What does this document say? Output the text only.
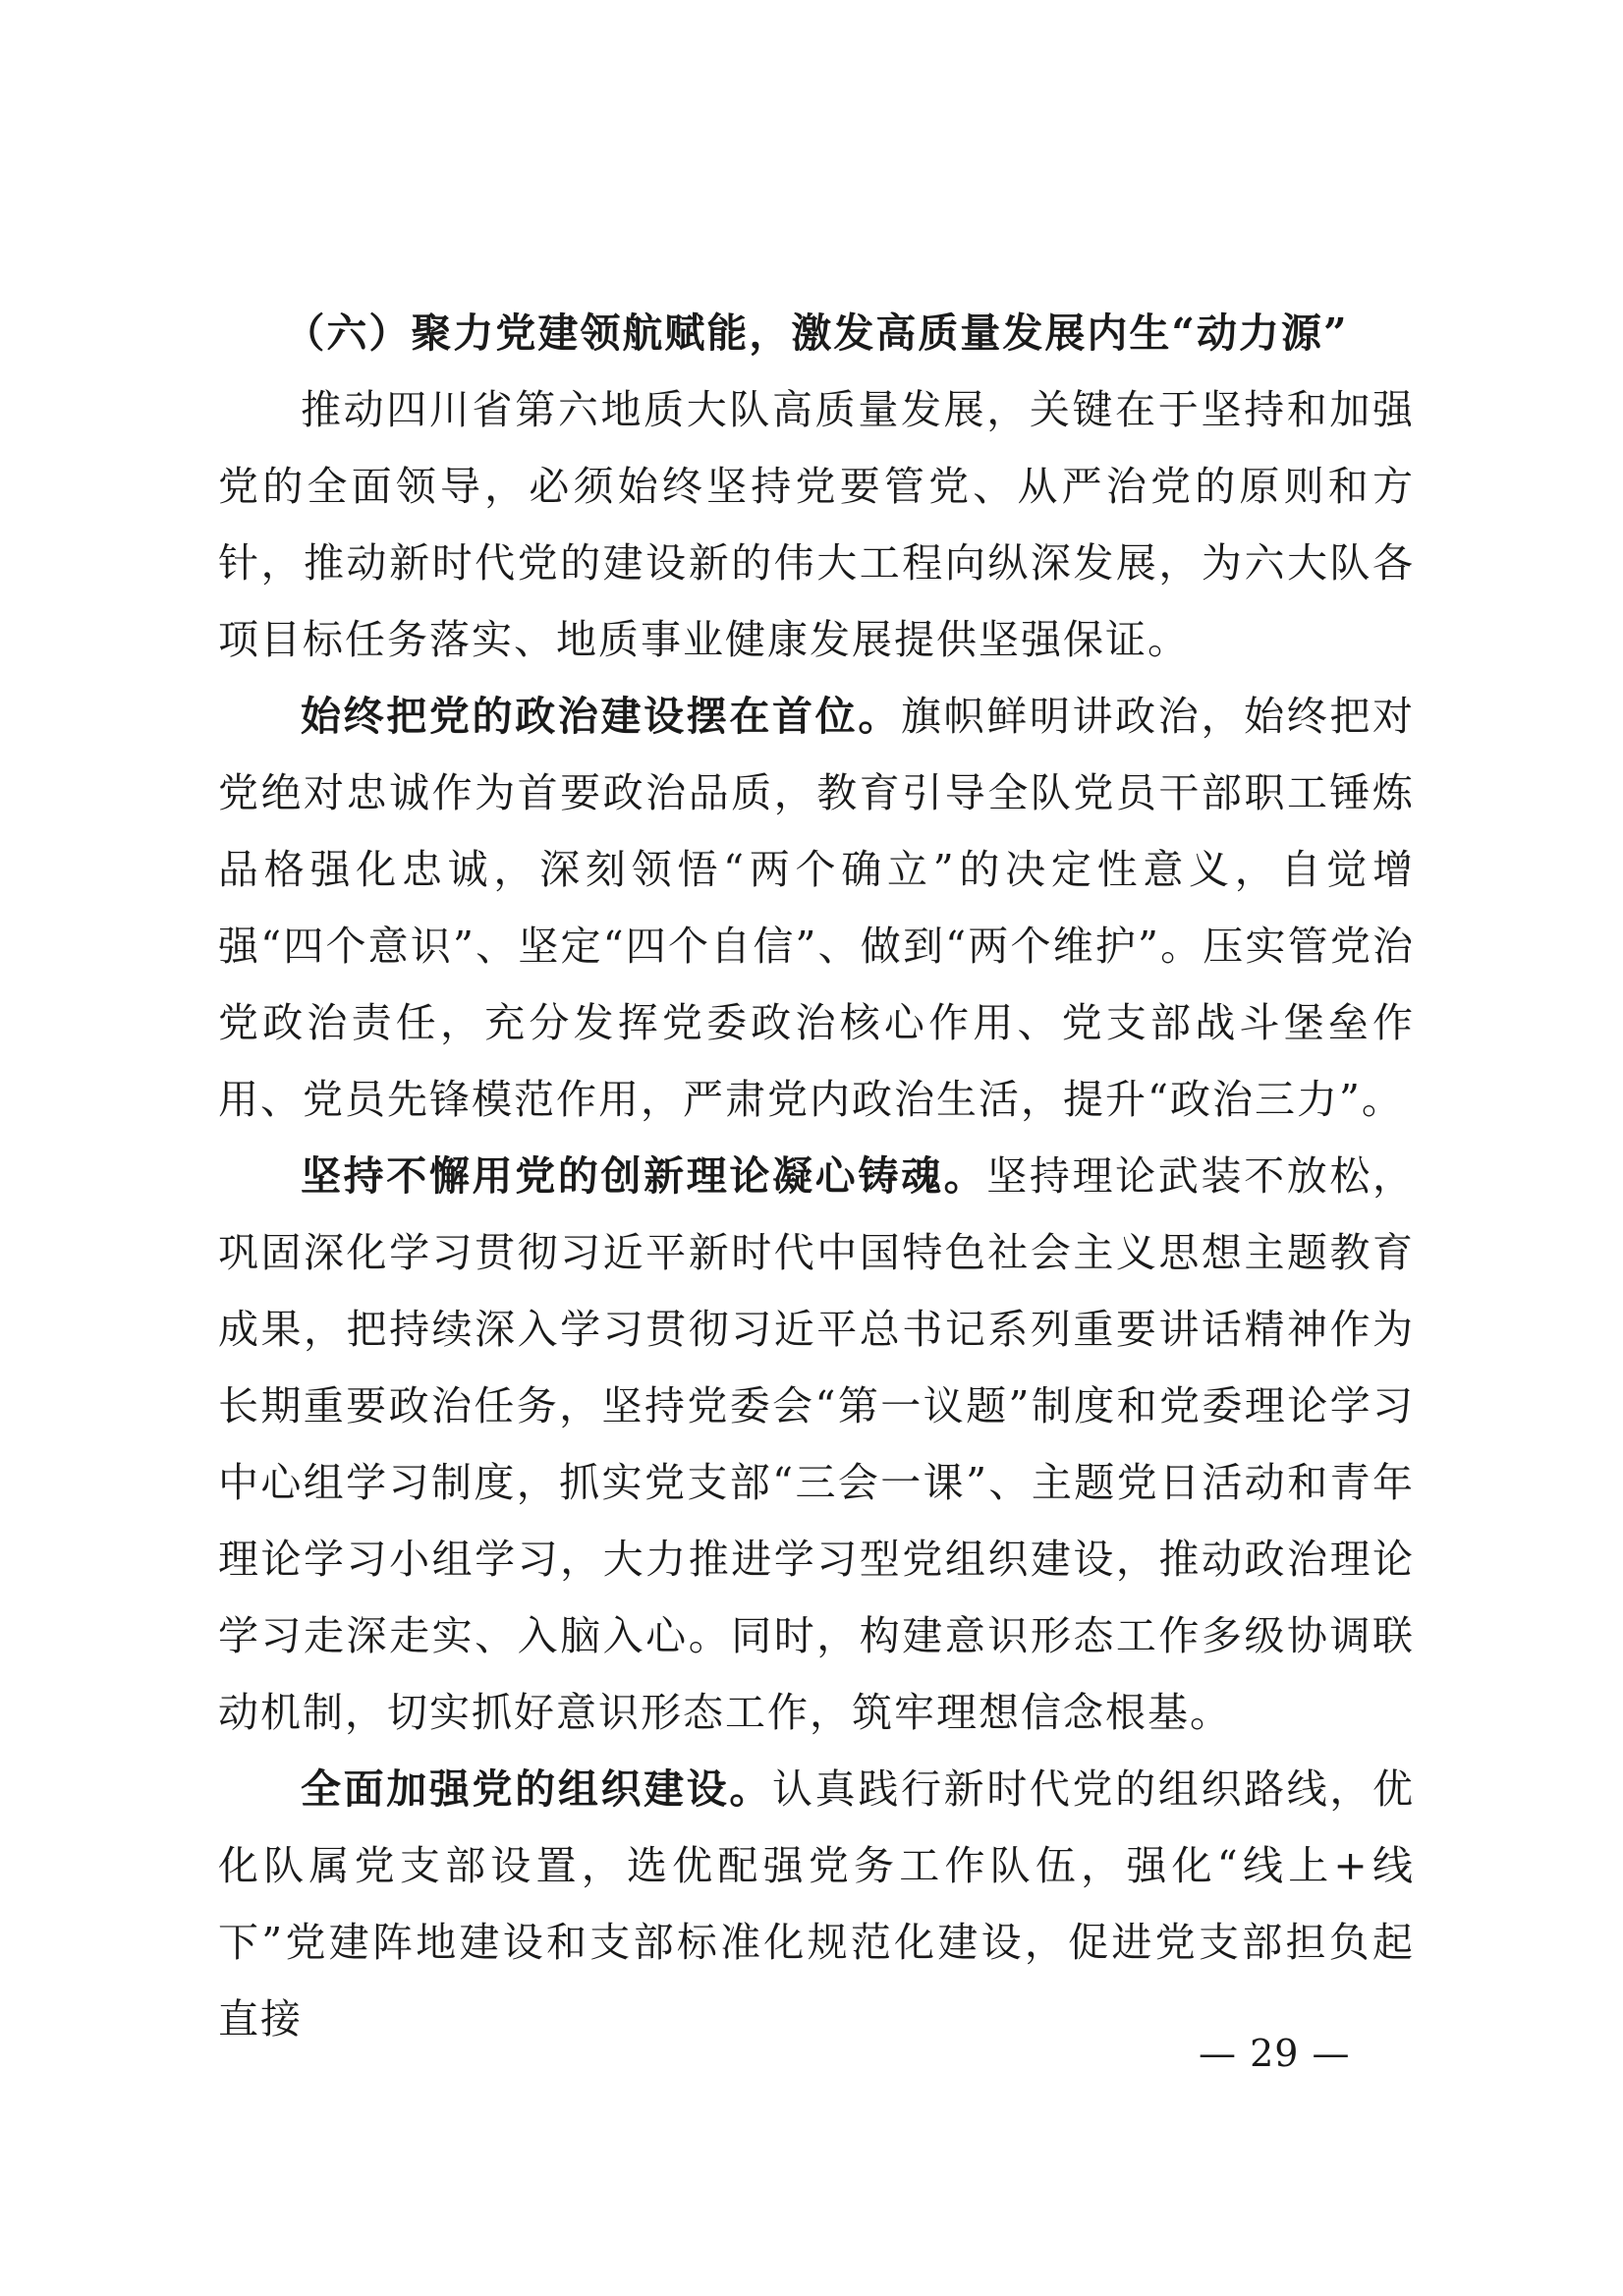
（六）聚力党建领航赋能，激发高质量发展内生“动力源”

推动四川省第六地质大队高质量发展，关键在于坚持和加强党的全面领导，必须始终坚持党要管党、从严治党的原则和方针，推动新时代党的建设新的伟大工程向纵深发展，为六大队各项目标任务落实、地质事业健康发展提供坚强保证。

始终把党的政治建设摆在首位。旗帜鲜明讲政治，始终把对党绝对忠诚作为首要政治品质，教育引导全队党员干部职工锤炼品格强化忠诚，深刻领悟“两个确立”的决定性意义，自觉增强“四个意识”、坚定“四个自信”、做到“两个维护”。压实管党治党政治责任，充分发挥党委政治核心作用、党支部战斗堡垒作用、党员先锋模范作用，严肃党内政治生活，提升“政治三力”。

坚持不懈用党的创新理论凝心铸魂。坚持理论武装不放松，巩固深化学习贯彻习近平新时代中国特色社会主义思想主题教育成果，把持续深入学习贯彻习近平总书记系列重要讲话精神作为长期重要政治任务，坚持党委会“第一议题”制度和党委理论学习中心组学习制度，抓实党支部“三会一课”、主题党日活动和青年理论学习小组学习，大力推进学习型党组织建设，推动政治理论学习走深走实、入脑入心。同时，构建意识形态工作多级协调联动机制，切实抓好意识形态工作，筑牢理想信念根基。

全面加强党的组织建设。认真践行新时代党的组织路线，优化队属党支部设置，选优配强党务工作队伍，强化“线上+线下”党建阵地建设和支部标准化规范化建设，促进党支部担负起直接

— 29 —
